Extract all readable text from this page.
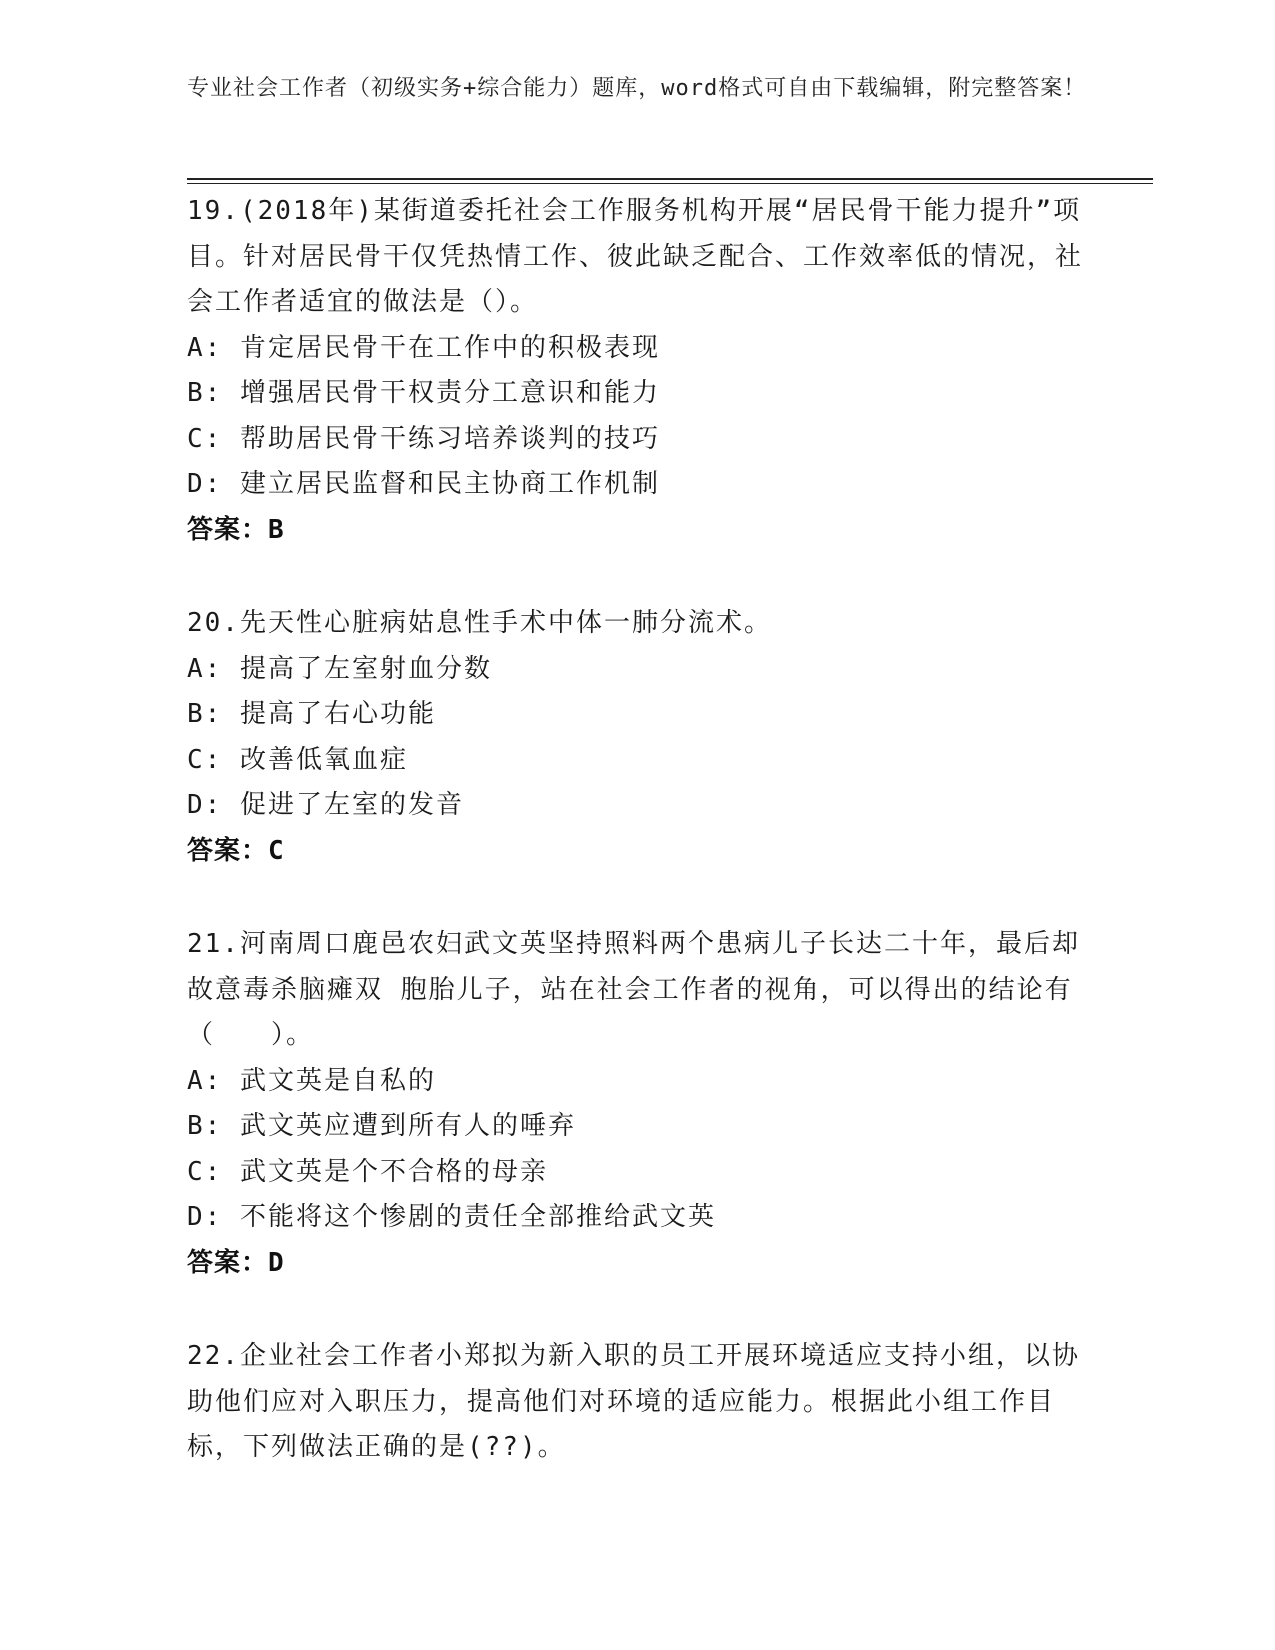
专业社会工作者（初级实务+综合能力）题库，word格式可自由下载编辑，附完整答案！

19.(2018年)某街道委托社会工作服务机构开展“居民骨干能力提升”项目。针对居民骨干仅凭热情工作、彼此缺乏配合、工作效率低的情况，社会工作者适宜的做法是（）。

A: 肯定居民骨干在工作中的积极表现

B: 增强居民骨干权责分工意识和能力

C: 帮助居民骨干练习培养谈判的技巧

D: 建立居民监督和民主协商工作机制

答案：B

20.先天性心脏病姑息性手术中体一肺分流术。

A: 提高了左室射血分数

B: 提高了右心功能

C: 改善低氧血症

D: 促进了左室的发音

答案：C

21.河南周口鹿邑农妇武文英坚持照料两个患病儿子长达二十年，最后却故意毒杀脑瘫双 胞胎儿子，站在社会工作者的视角，可以得出的结论有（　　）。

A: 武文英是自私的

B: 武文英应遭到所有人的唾弃

C: 武文英是个不合格的母亲

D: 不能将这个惨剧的责任全部推给武文英

答案：D

22.企业社会工作者小郑拟为新入职的员工开展环境适应支持小组，以协助他们应对入职压力，提高他们对环境的适应能力。根据此小组工作目标，下列做法正确的是(??)。
